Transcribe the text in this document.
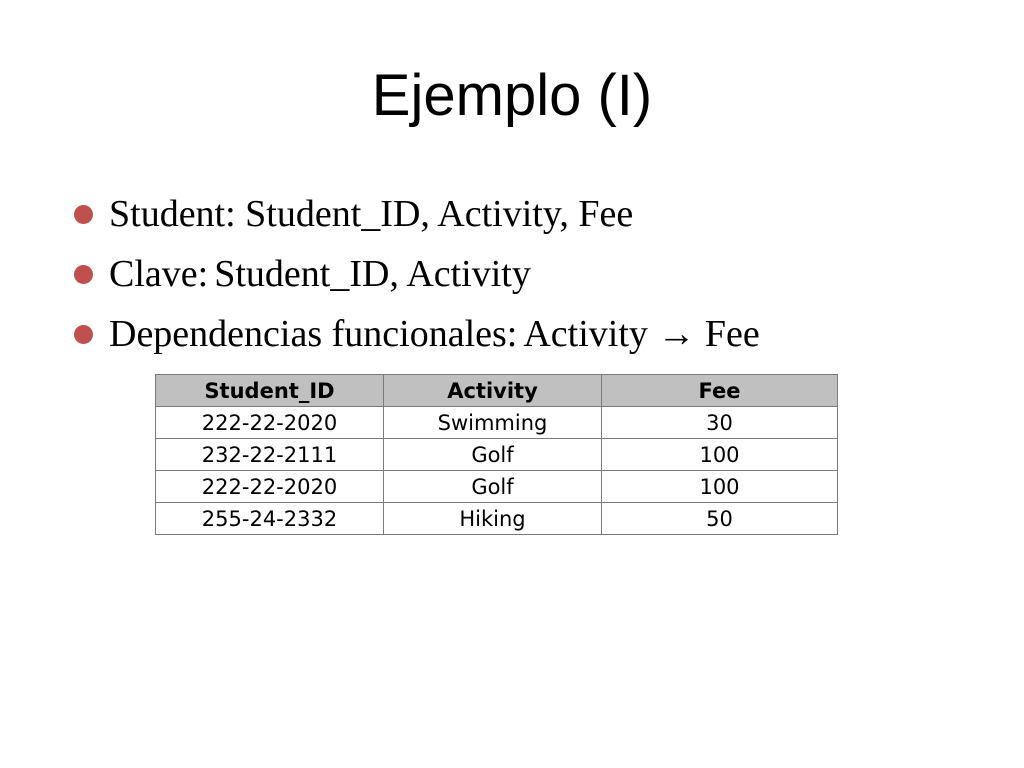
Ejemplo (I)
Student: Student_ID, Activity, Fee
Clave: Student_ID, Activity
Dependencias funcionales: Activity → Fee
Student_ID	Activity	Fee
222-22-2020	Swimming	30
232-22-2111	Golf	100
222-22-2020	Golf	100
255-24-2332	Hiking	50
